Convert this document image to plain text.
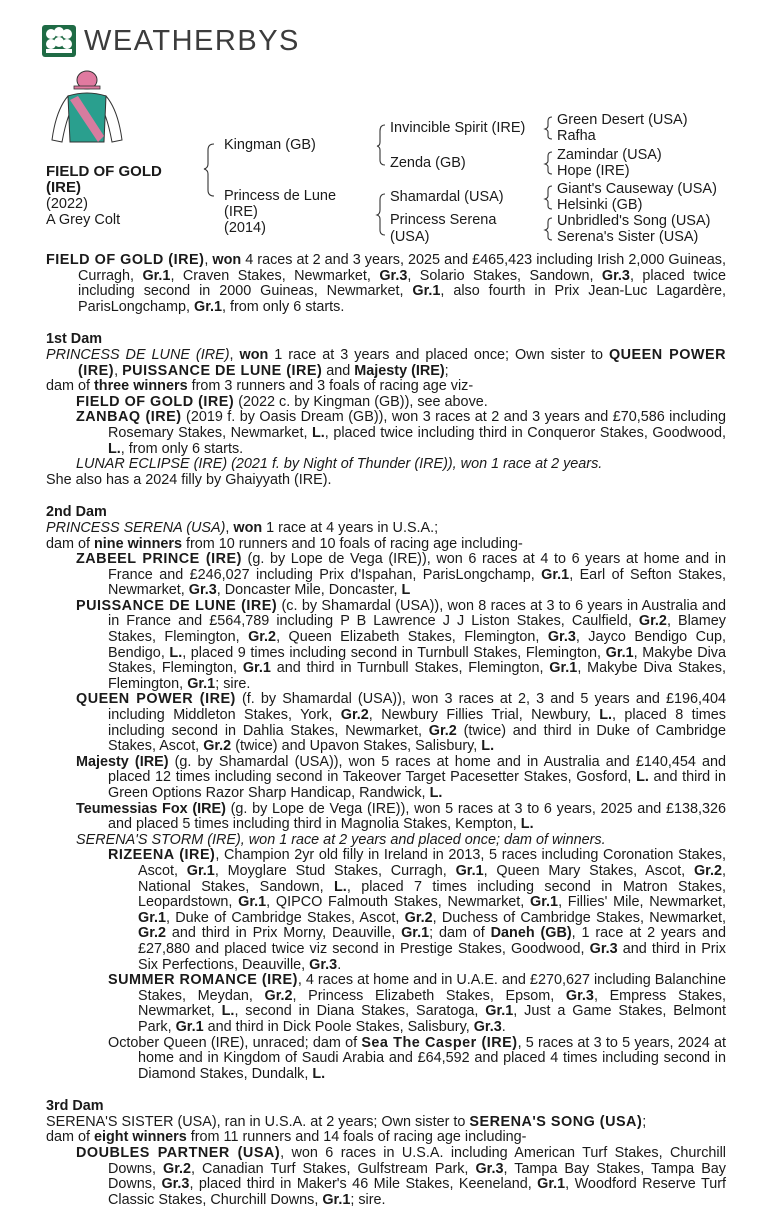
WEATHERBYS
FIELD OF GOLD
(IRE)
(2022)
A Grey Colt
Kingman (GB)
Princess de Lune
(IRE)
(2014)
Invincible Spirit (IRE)
Zenda (GB)
Shamardal (USA)
Princess Serena
(USA)
Green Desert (USA)
Rafha
Zamindar (USA)
Hope (IRE)
Giant's Causeway (USA)
Helsinki (GB)
Unbridled's Song (USA)
Serena's Sister (USA)

FIELD OF GOLD (IRE), won 4 races at 2 and 3 years, 2025 and £465,423 including Irish 2,000 Guineas, Curragh, Gr.1, Craven Stakes, Newmarket, Gr.3, Solario Stakes, Sandown, Gr.3, placed twice including second in 2000 Guineas, Newmarket, Gr.1, also fourth in Prix Jean-Luc Lagardère, ParisLongchamp, Gr.1, from only 6 starts.

1st Dam

PRINCESS DE LUNE (IRE), won 1 race at 3 years and placed once; Own sister to QUEEN POWER (IRE), PUISSANCE DE LUNE (IRE) and Majesty (IRE);

dam of three winners from 3 runners and 3 foals of racing age viz-

FIELD OF GOLD (IRE) (2022 c. by Kingman (GB)), see above.

ZANBAQ (IRE) (2019 f. by Oasis Dream (GB)), won 3 races at 2 and 3 years and £70,586 including Rosemary Stakes, Newmarket, L., placed twice including third in Conqueror Stakes, Goodwood, L., from only 6 starts.

LUNAR ECLIPSE (IRE) (2021 f. by Night of Thunder (IRE)), won 1 race at 2 years.

She also has a 2024 filly by Ghaiyyath (IRE).

2nd Dam

PRINCESS SERENA (USA), won 1 race at 4 years in U.S.A.;

dam of nine winners from 10 runners and 10 foals of racing age including-

ZABEEL PRINCE (IRE) (g. by Lope de Vega (IRE)), won 6 races at 4 to 6 years at home and in France and £246,027 including Prix d'Ispahan, ParisLongchamp, Gr.1, Earl of Sefton Stakes, Newmarket, Gr.3, Doncaster Mile, Doncaster, L

PUISSANCE DE LUNE (IRE) (c. by Shamardal (USA)), won 8 races at 3 to 6 years in Australia and in France and £564,789 including P B Lawrence J J Liston Stakes, Caulfield, Gr.2, Blamey Stakes, Flemington, Gr.2, Queen Elizabeth Stakes, Flemington, Gr.3, Jayco Bendigo Cup, Bendigo, L., placed 9 times including second in Turnbull Stakes, Flemington, Gr.1, Makybe Diva Stakes, Flemington, Gr.1 and third in Turnbull Stakes, Flemington, Gr.1, Makybe Diva Stakes, Flemington, Gr.1; sire.

QUEEN POWER (IRE) (f. by Shamardal (USA)), won 3 races at 2, 3 and 5 years and £196,404 including Middleton Stakes, York, Gr.2, Newbury Fillies Trial, Newbury, L., placed 8 times including second in Dahlia Stakes, Newmarket, Gr.2 (twice) and third in Duke of Cambridge Stakes, Ascot, Gr.2 (twice) and Upavon Stakes, Salisbury, L.

Majesty (IRE) (g. by Shamardal (USA)), won 5 races at home and in Australia and £140,454 and placed 12 times including second in Takeover Target Pacesetter Stakes, Gosford, L. and third in Green Options Razor Sharp Handicap, Randwick, L.

Teumessias Fox (IRE) (g. by Lope de Vega (IRE)), won 5 races at 3 to 6 years, 2025 and £138,326 and placed 5 times including third in Magnolia Stakes, Kempton, L.

SERENA'S STORM (IRE), won 1 race at 2 years and placed once; dam of winners.

RIZEENA (IRE), Champion 2yr old filly in Ireland in 2013, 5 races including Coronation Stakes, Ascot, Gr.1, Moyglare Stud Stakes, Curragh, Gr.1, Queen Mary Stakes, Ascot, Gr.2, National Stakes, Sandown, L., placed 7 times including second in Matron Stakes, Leopardstown, Gr.1, QIPCO Falmouth Stakes, Newmarket, Gr.1, Fillies' Mile, Newmarket, Gr.1, Duke of Cambridge Stakes, Ascot, Gr.2, Duchess of Cambridge Stakes, Newmarket, Gr.2 and third in Prix Morny, Deauville, Gr.1; dam of Daneh (GB), 1 race at 2 years and £27,880 and placed twice viz second in Prestige Stakes, Goodwood, Gr.3 and third in Prix Six Perfections, Deauville, Gr.3.

SUMMER ROMANCE (IRE), 4 races at home and in U.A.E. and £270,627 including Balanchine Stakes, Meydan, Gr.2, Princess Elizabeth Stakes, Epsom, Gr.3, Empress Stakes, Newmarket, L., second in Diana Stakes, Saratoga, Gr.1, Just a Game Stakes, Belmont Park, Gr.1 and third in Dick Poole Stakes, Salisbury, Gr.3.

October Queen (IRE), unraced; dam of Sea The Casper (IRE), 5 races at 3 to 5 years, 2024 at home and in Kingdom of Saudi Arabia and £64,592 and placed 4 times including second in Diamond Stakes, Dundalk, L.

3rd Dam

SERENA'S SISTER (USA), ran in U.S.A. at 2 years; Own sister to SERENA'S SONG (USA);

dam of eight winners from 11 runners and 14 foals of racing age including-

DOUBLES PARTNER (USA), won 6 races in U.S.A. including American Turf Stakes, Churchill Downs, Gr.2, Canadian Turf Stakes, Gulfstream Park, Gr.3, Tampa Bay Stakes, Tampa Bay Downs, Gr.3, placed third in Maker's 46 Mile Stakes, Keeneland, Gr.1, Woodford Reserve Turf Classic Stakes, Churchill Downs, Gr.1; sire.
